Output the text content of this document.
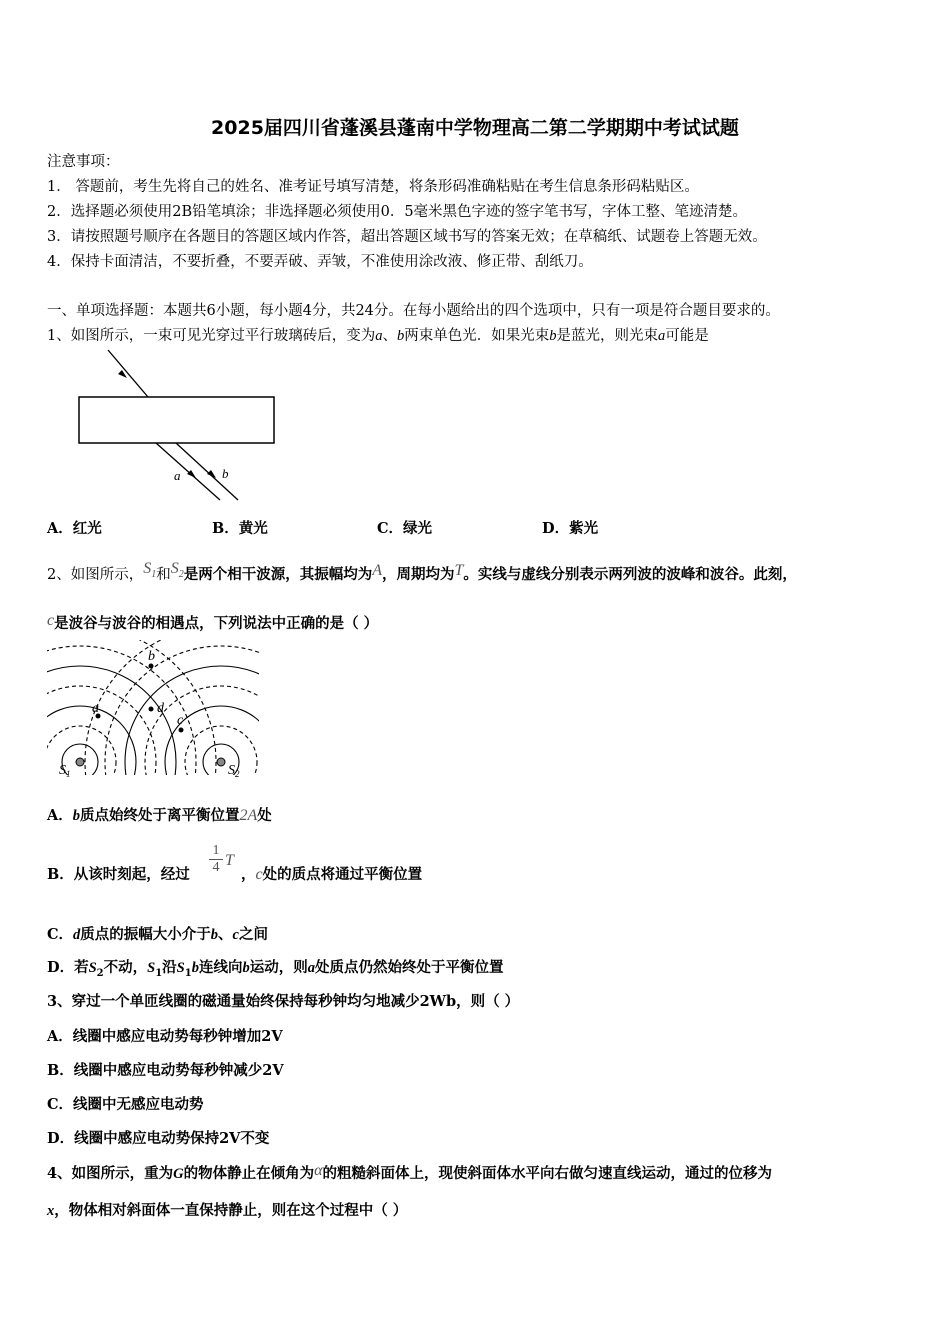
2025届四川省蓬溪县蓬南中学物理高二第二学期期中考试试题
注意事项：
1． 答题前，考生先将自己的姓名、准考证号填写清楚，将条形码准确粘贴在考生信息条形码粘贴区。
2．选择题必须使用2B铅笔填涂；非选择题必须使用0．5毫米黑色字迹的签字笔书写，字体工整、笔迹清楚。
3．请按照题号顺序在各题目的答题区域内作答，超出答题区域书写的答案无效；在草稿纸、试题卷上答题无效。
4．保持卡面清洁，不要折叠，不要弄破、弄皱，不准使用涂改液、修正带、刮纸刀。
一、单项选择题：本题共6小题，每小题4分，共24分。在每小题给出的四个选项中，只有一项是符合题目要求的。
1、如图所示，一束可见光穿过平行玻璃砖后，变为a、b两束单色光．如果光束b是蓝光，则光束a可能是
a	b
A．红光	B．黄光	C．绿光	D．紫光
2、如图所示，$S_1$和$S_2$是两个相干波源，其振幅均为A，周期均为T。实线与虚线分别表示两列波的波峰和波谷。此刻，
c是波谷与波谷的相遇点，下列说法中正确的是（ ）
b
a	d
c
$S_1$	$S_2$
A．b质点始终处于离平衡位置2A处
B．从该时刻起，经过
1
4 T
，c处的质点将通过平衡位置
C．d质点的振幅大小介于b、c之间
D．若$S_2$不动，$S_1$沿$S_1b$连线向b运动，则a处质点仍然始终处于平衡位置
3、穿过一个单匝线圈的磁通量始终保持每秒钟均匀地减少2Wb，则（ ）
A．线圈中感应电动势每秒钟增加2V
B．线圈中感应电动势每秒钟减少2V
C．线圈中无感应电动势
D．线圈中感应电动势保持2V不变
4、如图所示，重为G的物体静止在倾角为α的粗糙斜面体上，现使斜面体水平向右做匀速直线运动，通过的位移为
x，物体相对斜面体一直保持静止，则在这个过程中（ ）
